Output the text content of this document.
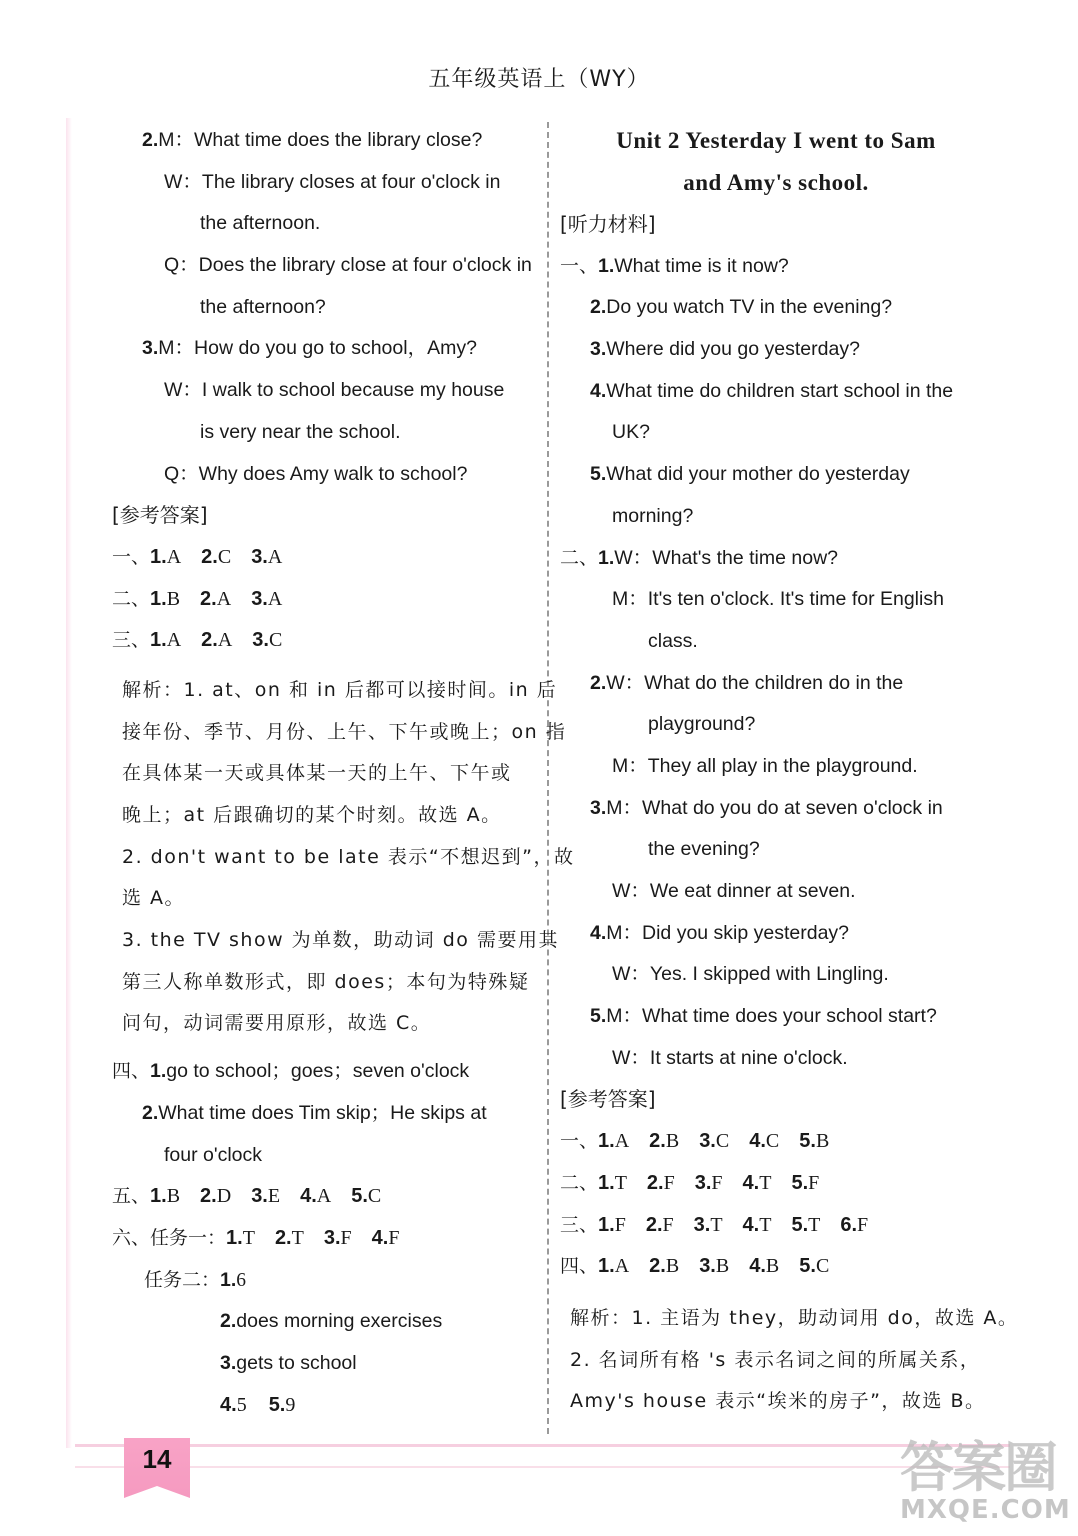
五年级英语上（WY）
2.M：What time does the library close?
W：The library closes at four o'clock in
the afternoon.
Q：Does the library close at four o'clock in
the afternoon?
3.M：How do you go to school，Amy?
W：I walk to school because my house
is very near the school.
Q：Why does Amy walk to school?
[参考答案]
一、1.A 2.C 3.A
二、1.B 2.A 3.A
三、1.A 2.A 3.C
解析：1. at、on 和 in 后都可以接时间。in 后
接年份、季节、月份、上午、下午或晚上；on 指
在具体某一天或具体某一天的上午、下午或
晚上；at 后跟确切的某个时刻。故选 A。
2. don't want to be late 表示“不想迟到”，故
选 A。
3. the TV show 为单数，助动词 do 需要用其
第三人称单数形式，即 does；本句为特殊疑
问句，动词需要用原形，故选 C。
四、1.go to school；goes；seven o'clock
2.What time does Tim skip；He skips at
four o'clock
五、1.B 2.D 3.E 4.A 5.C
六、任务一：1.T 2.T 3.F 4.F
任务二：1.6
2.does morning exercises
3.gets to school
4.5 5.9
Unit 2 Yesterday I went to Sam
and Amy's school.
[听力材料]
一、1.What time is it now?
2.Do you watch TV in the evening?
3.Where did you go yesterday?
4.What time do children start school in the
UK?
5.What did your mother do yesterday
morning?
二、1.W：What's the time now?
M：It's ten o'clock. It's time for English
class.
2.W：What do the children do in the
playground?
M：They all play in the playground.
3.M：What do you do at seven o'clock in
the evening?
W：We eat dinner at seven.
4.M：Did you skip yesterday?
W：Yes. I skipped with Lingling.
5.M：What time does your school start?
W：It starts at nine o'clock.
[参考答案]
一、1.A 2.B 3.C 4.C 5.B
二、1.T 2.F 3.F 4.T 5.F
三、1.F 2.F 3.T 4.T 5.T 6.F
四、1.A 2.B 3.B 4.B 5.C
解析：1. 主语为 they，助动词用 do，故选 A。
2. 名词所有格 's 表示名词之间的所属关系，
Amy's house 表示“埃米的房子”，故选 B。
14	答案圈
MXQE.COM
